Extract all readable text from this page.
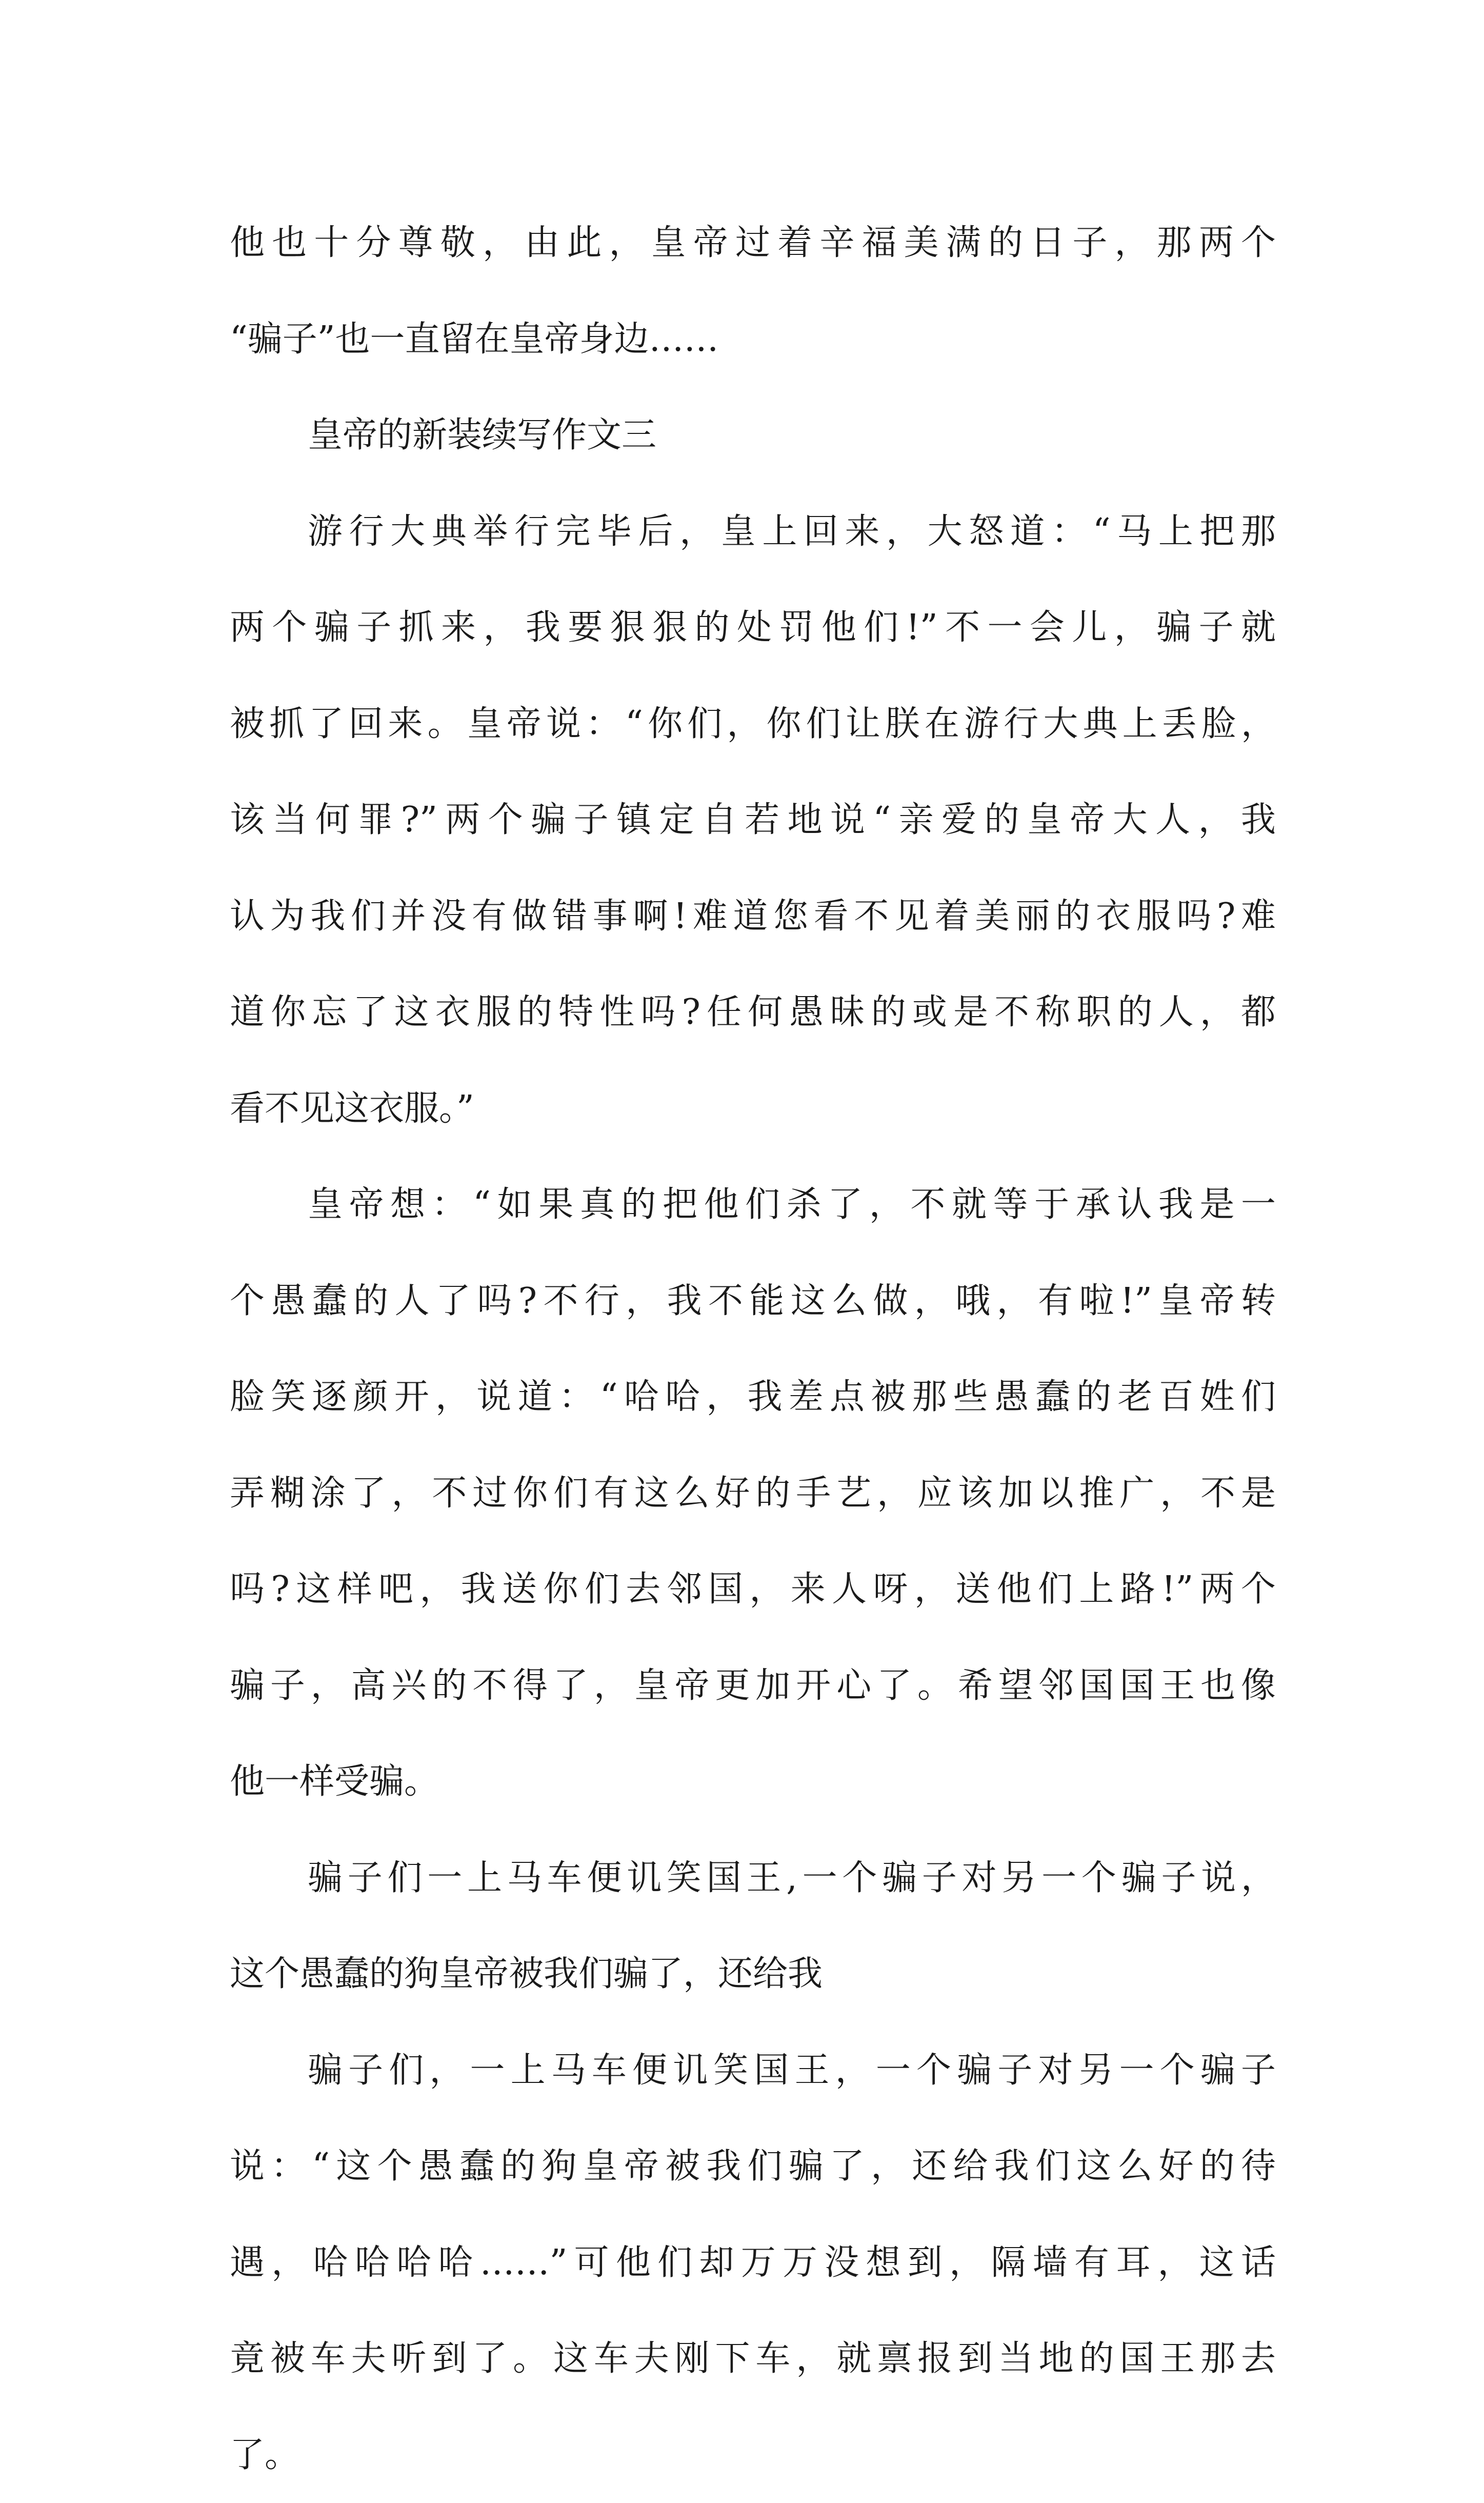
他也十分尊敬，由此，皇帝过着辛福美满的日子，那两个
“骗子”也一直留在皇帝身边……
皇帝的新装续写作文三
游行大典举行完毕后，皇上回来，大怒道：“马上把那
两个骗子抓来，我要狠狠的处罚他们!”不一会儿，骗子就
被抓了回来。皇帝说：“你们，你们让朕在游行大典上丢脸，
该当何罪?”两个骗子镇定自若地说“亲爱的皇帝大人，我
认为我们并没有做错事啊!难道您看不见着美丽的衣服吗?难
道你忘了这衣服的特性吗?任何愚昧的或是不称职的人，都
看不见这衣服。”
皇帝想：“如果真的把他们杀了，不就等于承认我是一
个愚蠢的人了吗?不行，我不能这么做，哦，有啦!”皇帝转
脸笑逐颜开，说道：“哈哈，我差点被那些愚蠢的老百姓们
弄糊涂了，不过你们有这么好的手艺，应该加以推广，不是
吗?这样吧，我送你们去邻国，来人呀，送他们上路!”两个
骗子，高兴的不得了，皇帝更加开心了。希望邻国国王也像
他一样受骗。
骗子们一上马车便讥笑国王,一个骗子对另一个骗子说，
这个愚蠢的狗皇帝被我们骗了，还给我
骗子们，一上马车便讥笑国王，一个骗子对另一个骗子
说：“这个愚蠢的狗皇帝被我们骗了，还给我们这么好的待
遇，哈哈哈哈……”可他们却万万没想到，隔墙有耳，这话
竟被车夫听到了。这车夫刚下车，就禀报到当地的国王那去
了。
